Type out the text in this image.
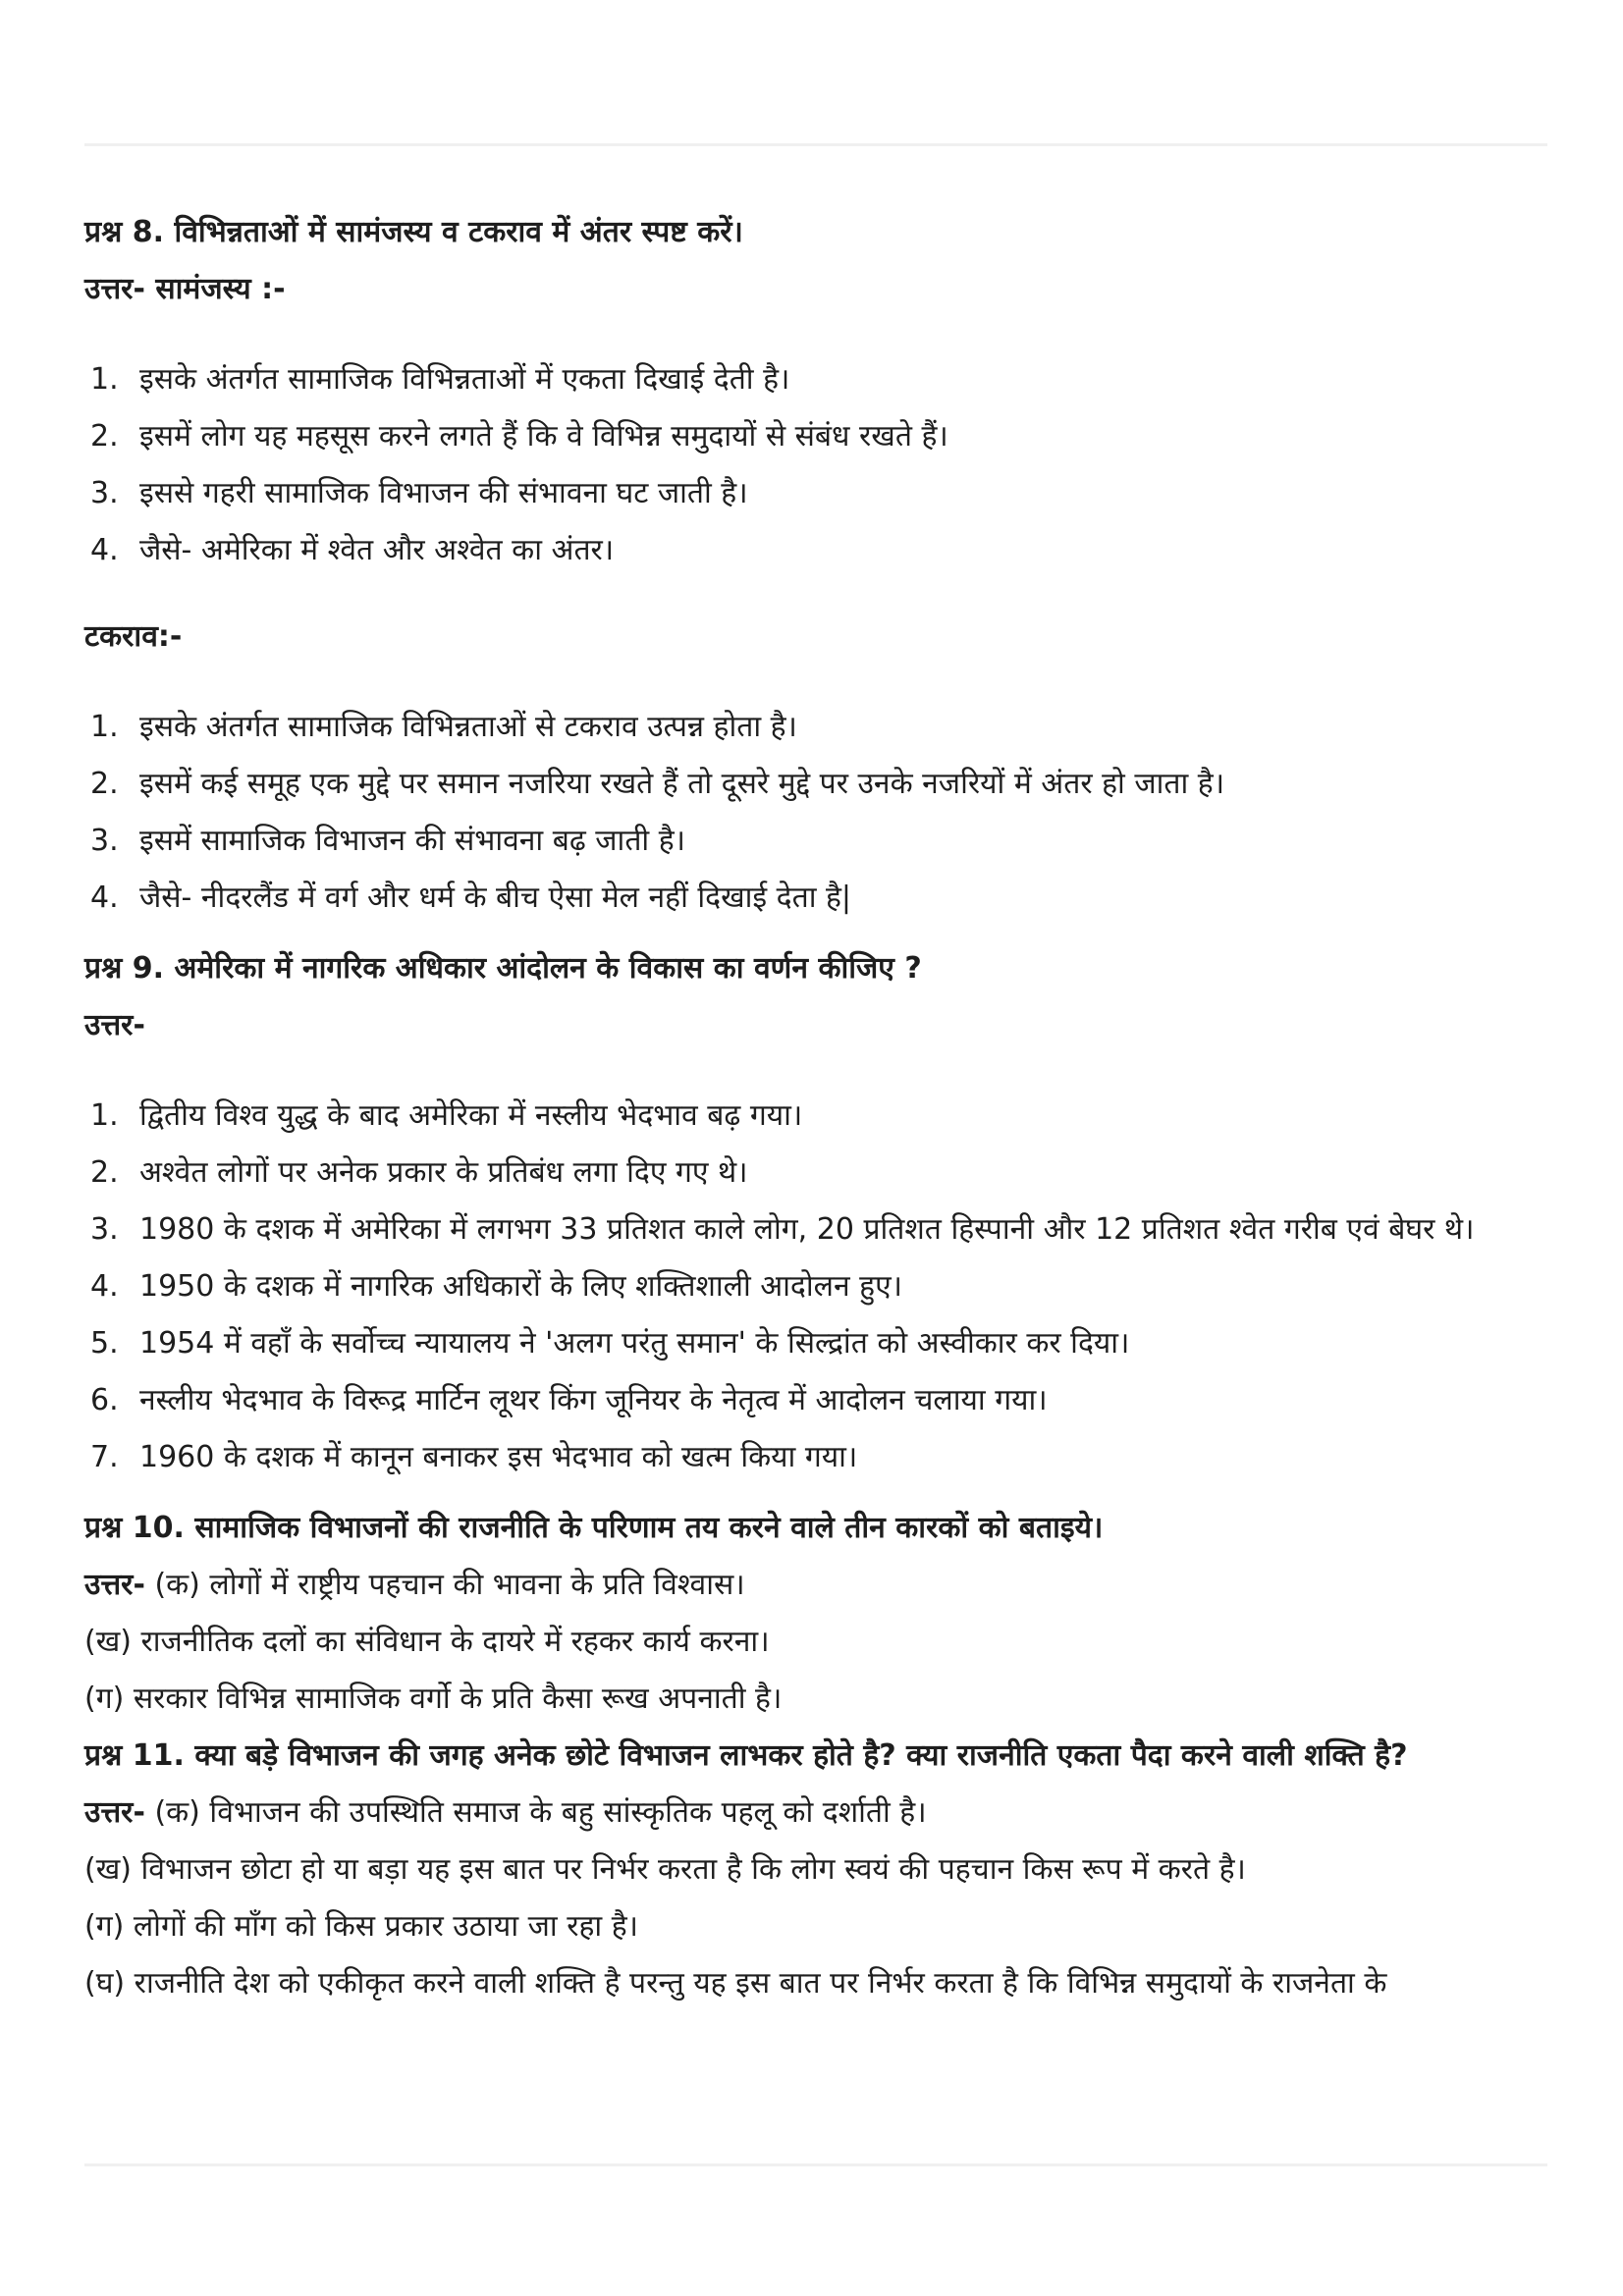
प्रश्न 8. विभिन्नताओं में सामंजस्य व टकराव में अंतर स्पष्ट करें।

उत्तर- सामंजस्य :-

1. इसके अंतर्गत सामाजिक विभिन्नताओं में एकता दिखाई देती है।
2. इसमें लोग यह महसूस करने लगते हैं कि वे विभिन्न समुदायों से संबंध रखते हैं।
3. इससे गहरी सामाजिक विभाजन की संभावना घट जाती है।
4. जैसे- अमेरिका में श्वेत और अश्वेत का अंतर।

टकराव:-

1. इसके अंतर्गत सामाजिक विभिन्नताओं से टकराव उत्पन्न होता है।
2. इसमें कई समूह एक मुद्दे पर समान नजरिया रखते हैं तो दूसरे मुद्दे पर उनके नजरियों में अंतर हो जाता है।
3. इसमें सामाजिक विभाजन की संभावना बढ़ जाती है।
4. जैसे- नीदरलैंड में वर्ग और धर्म के बीच ऐसा मेल नहीं दिखाई देता है|

प्रश्न 9. अमेरिका में नागरिक अधिकार आंदोलन के विकास का वर्णन कीजिए ?

उत्तर-

1. द्वितीय विश्व युद्ध के बाद अमेरिका में नस्लीय भेदभाव बढ़ गया।
2. अश्वेत लोगों पर अनेक प्रकार के प्रतिबंध लगा दिए गए थे।
3. 1980 के दशक में अमेरिका में लगभग 33 प्रतिशत काले लोग, 20 प्रतिशत हिस्पानी और 12 प्रतिशत श्वेत गरीब एवं बेघर थे।
4. 1950 के दशक में नागरिक अधिकारों के लिए शक्तिशाली आदोलन हुए।
5. 1954 में वहाँ के सर्वोच्च न्यायालय ने 'अलग परंतु समान' के सिल्द्रांत को अस्वीकार कर दिया।
6. नस्लीय भेदभाव के विरूद्र मार्टिन लूथर किंग जूनियर के नेतृत्व में आदोलन चलाया गया।
7. 1960 के दशक में कानून बनाकर इस भेदभाव को खत्म किया गया।

प्रश्न 10. सामाजिक विभाजनों की राजनीति के परिणाम तय करने वाले तीन कारकों को बताइये।

उत्तर- (क) लोगों में राष्ट्रीय पहचान की भावना के प्रति विश्वास।

(ख) राजनीतिक दलों का संविधान के दायरे में रहकर कार्य करना।

(ग) सरकार विभिन्न सामाजिक वर्गो के प्रति कैसा रूख अपनाती है।

प्रश्न 11. क्या बड़े विभाजन की जगह अनेक छोटे विभाजन लाभकर होते है? क्या राजनीति एकता पैदा करने वाली शक्ति है?

उत्तर- (क) विभाजन की उपस्थिति समाज के बहु सांस्कृतिक पहलू को दर्शाती है।

(ख) विभाजन छोटा हो या बड़ा यह इस बात पर निर्भर करता है कि लोग स्वयं की पहचान किस रूप में करते है।

(ग) लोगों की माँग को किस प्रकार उठाया जा रहा है।

(घ) राजनीति देश को एकीकृत करने वाली शक्ति है परन्तु यह इस बात पर निर्भर करता है कि विभिन्न समुदायों के राजनेता के
